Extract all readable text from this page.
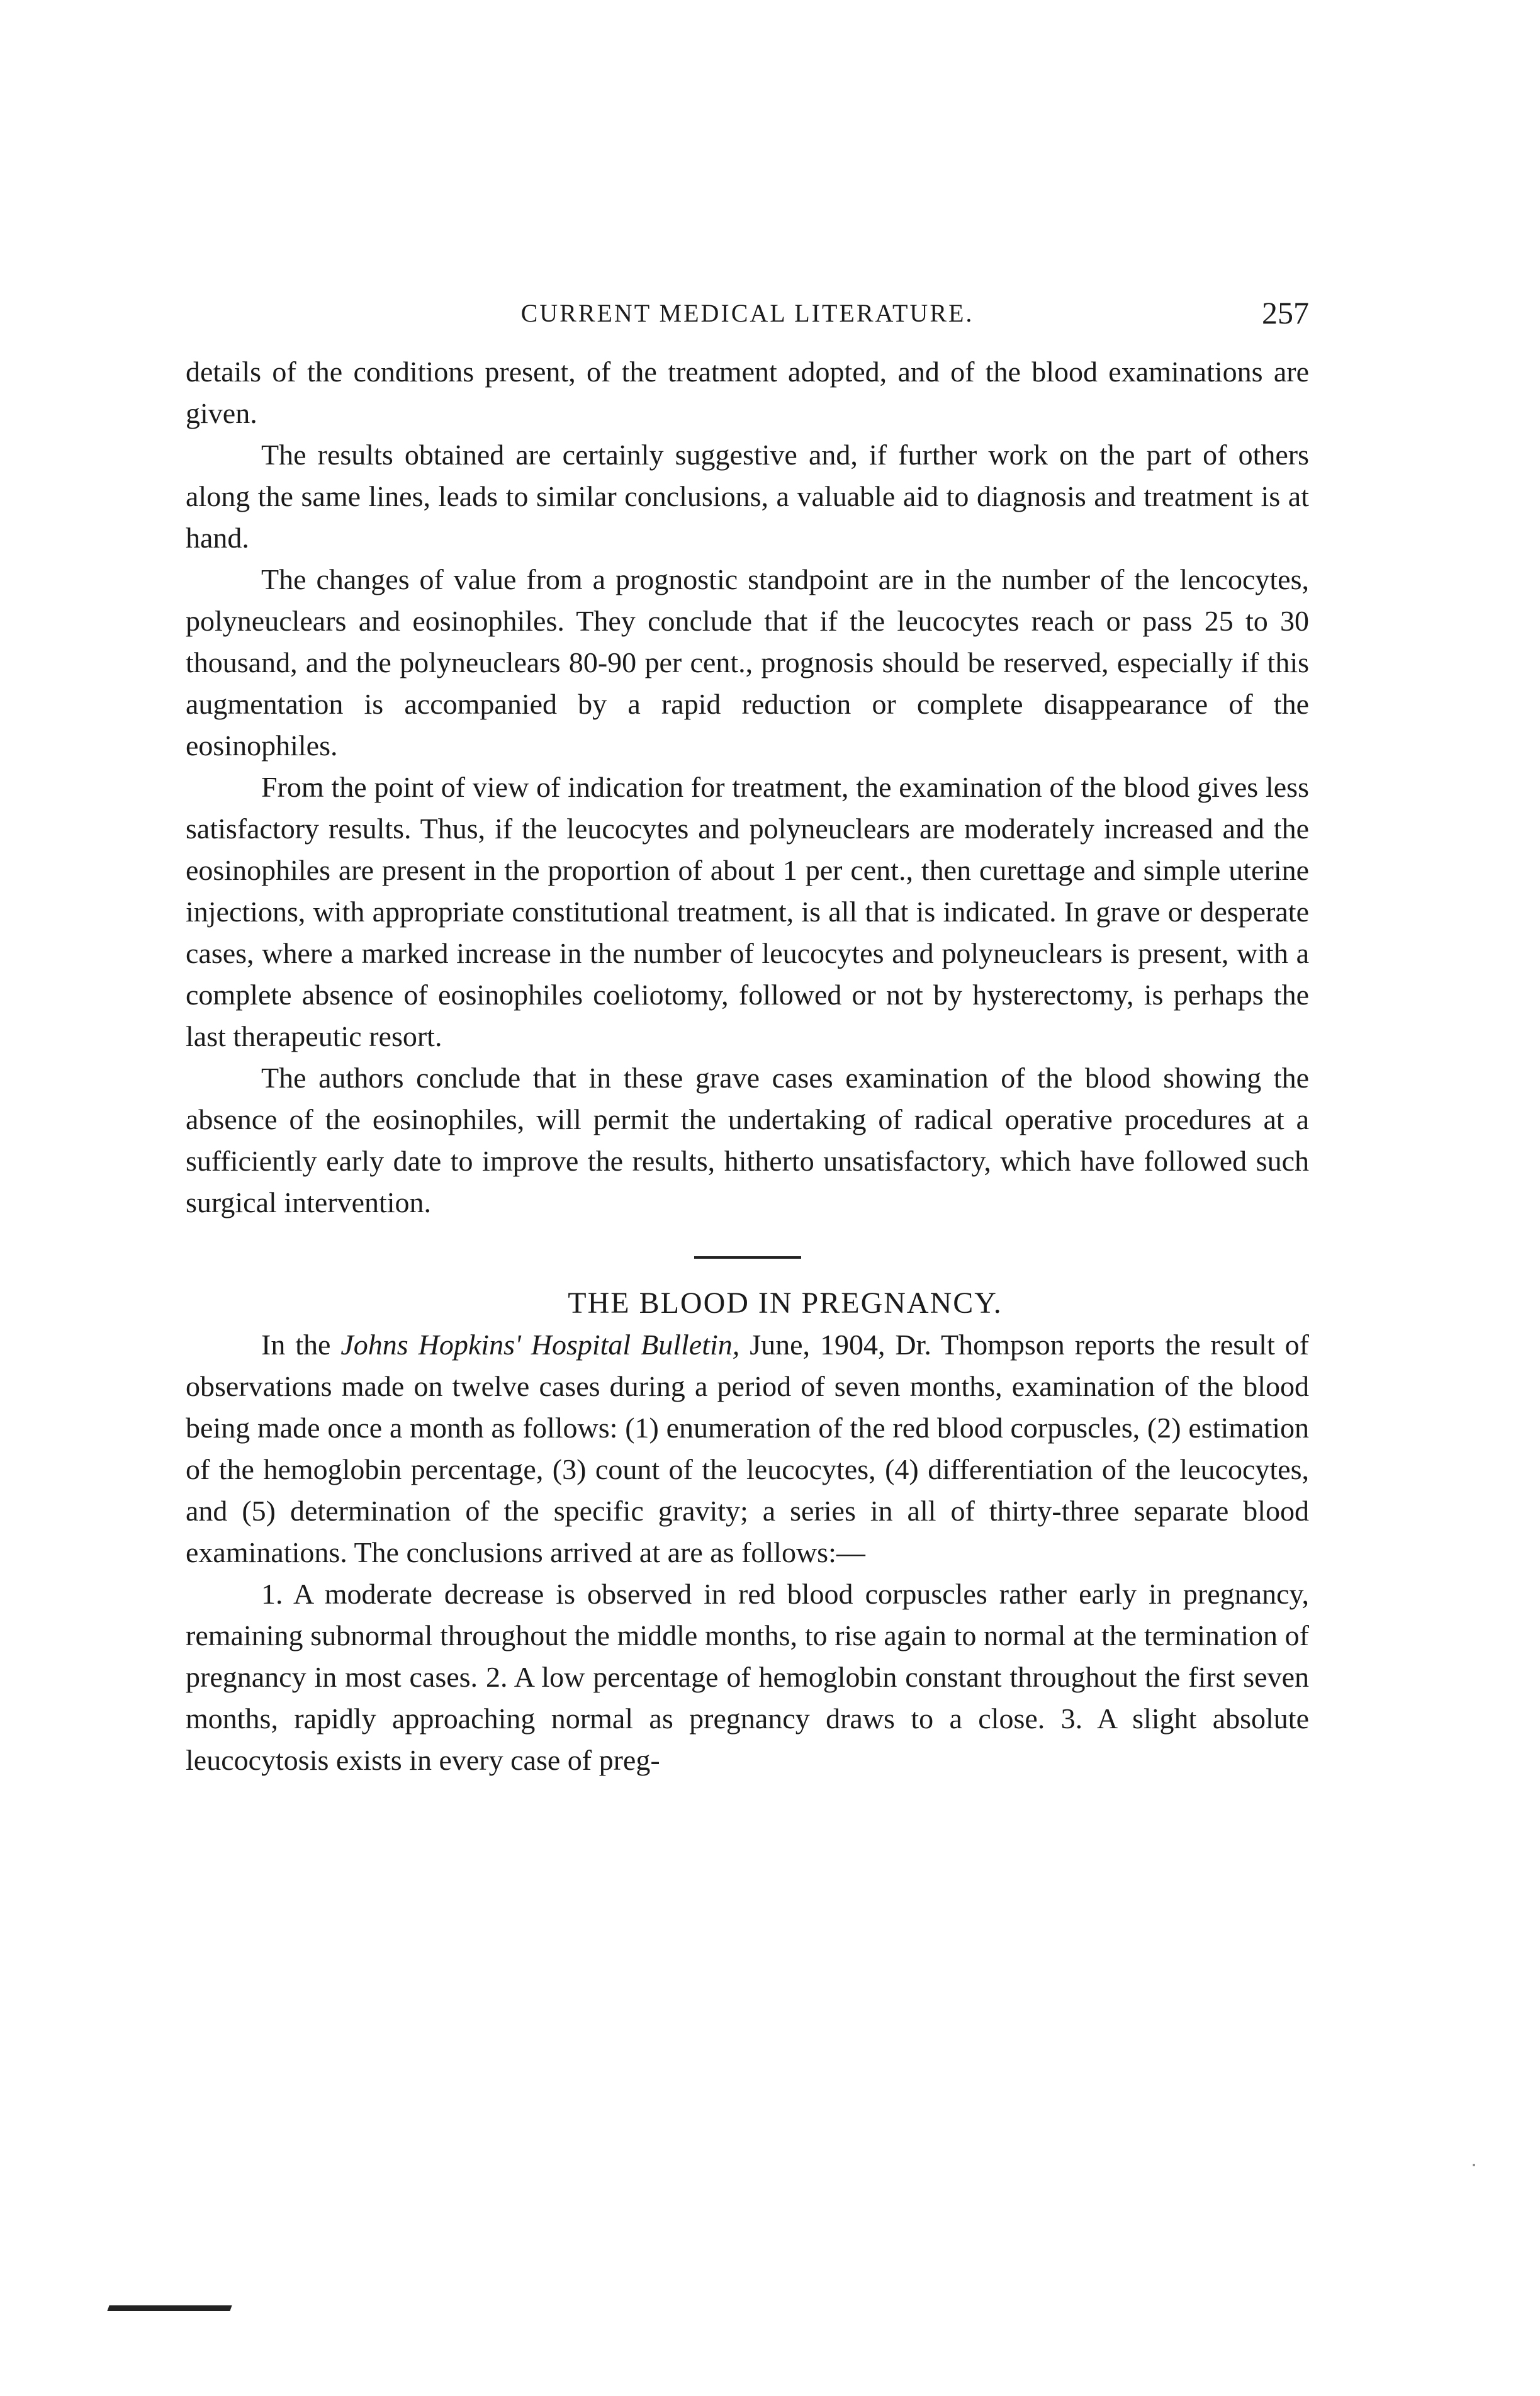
CURRENT MEDICAL LITERATURE.	257

details of the conditions present, of the treatment adopted, and of the blood examinations are given.

The results obtained are certainly suggestive and, if further work on the part of others along the same lines, leads to similar conclusions, a valuable aid to diagnosis and treatment is at hand.

The changes of value from a prognostic standpoint are in the number of the lencocytes, polyneuclears and eosinophiles. They conclude that if the leucocytes reach or pass 25 to 30 thousand, and the polyneuclears 80-90 per cent., prognosis should be reserved, especially if this augmentation is accompanied by a rapid reduction or complete disappearance of the eosinophiles.

From the point of view of indication for treatment, the examination of the blood gives less satisfactory results. Thus, if the leucocytes and polyneuclears are moderately increased and the eosinophiles are present in the proportion of about 1 per cent., then curettage and simple uterine injections, with appropriate constitutional treatment, is all that is indicated. In grave or desperate cases, where a marked increase in the number of leucocytes and polyneuclears is present, with a complete absence of eosinophiles coeliotomy, followed or not by hysterectomy, is perhaps the last therapeutic resort.

The authors conclude that in these grave cases examination of the blood showing the absence of the eosinophiles, will permit the undertaking of radical operative procedures at a sufficiently early date to improve the results, hitherto unsatisfactory, which have followed such surgical intervention.

THE BLOOD IN PREGNANCY.

In the Johns Hopkins' Hospital Bulletin, June, 1904, Dr. Thompson reports the result of observations made on twelve cases during a period of seven months, examination of the blood being made once a month as follows: (1) enumeration of the red blood corpuscles, (2) estimation of the hemoglobin percentage, (3) count of the leucocytes, (4) differentiation of the leucocytes, and (5) determination of the specific gravity; a series in all of thirty-three separate blood examinations. The conclusions arrived at are as follows:—

1. A moderate decrease is observed in red blood corpuscles rather early in pregnancy, remaining subnormal throughout the middle months, to rise again to normal at the termination of pregnancy in most cases. 2. A low percentage of hemoglobin constant throughout the first seven months, rapidly approaching normal as pregnancy draws to a close. 3. A slight absolute leucocytosis exists in every case of preg-
